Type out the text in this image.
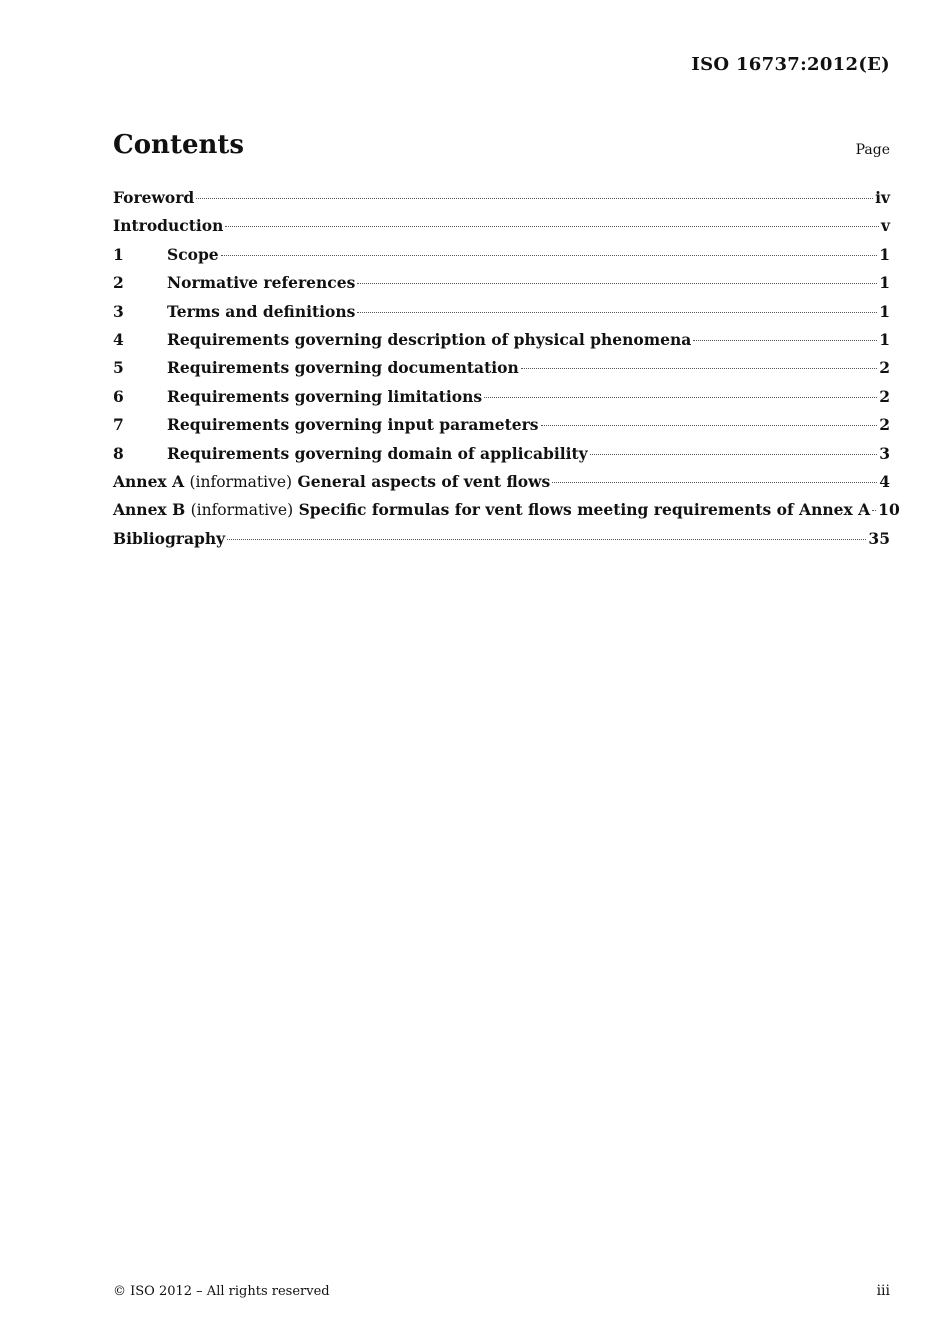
ISO 16737:2012(E)
Contents	Page
Foreword	iv
Introduction	v
1	Scope	1
2	Normative references	1
3	Terms and definitions	1
4	Requirements governing description of physical phenomena	1
5	Requirements governing documentation	2
6	Requirements governing limitations	2
7	Requirements governing input parameters	2
8	Requirements governing domain of applicability	3
Annex A (informative) General aspects of vent flows	4
Annex B (informative) Specific formulas for vent flows meeting requirements of Annex A 10
Bibliography	35
© ISO 2012 – All rights reserved	iii
